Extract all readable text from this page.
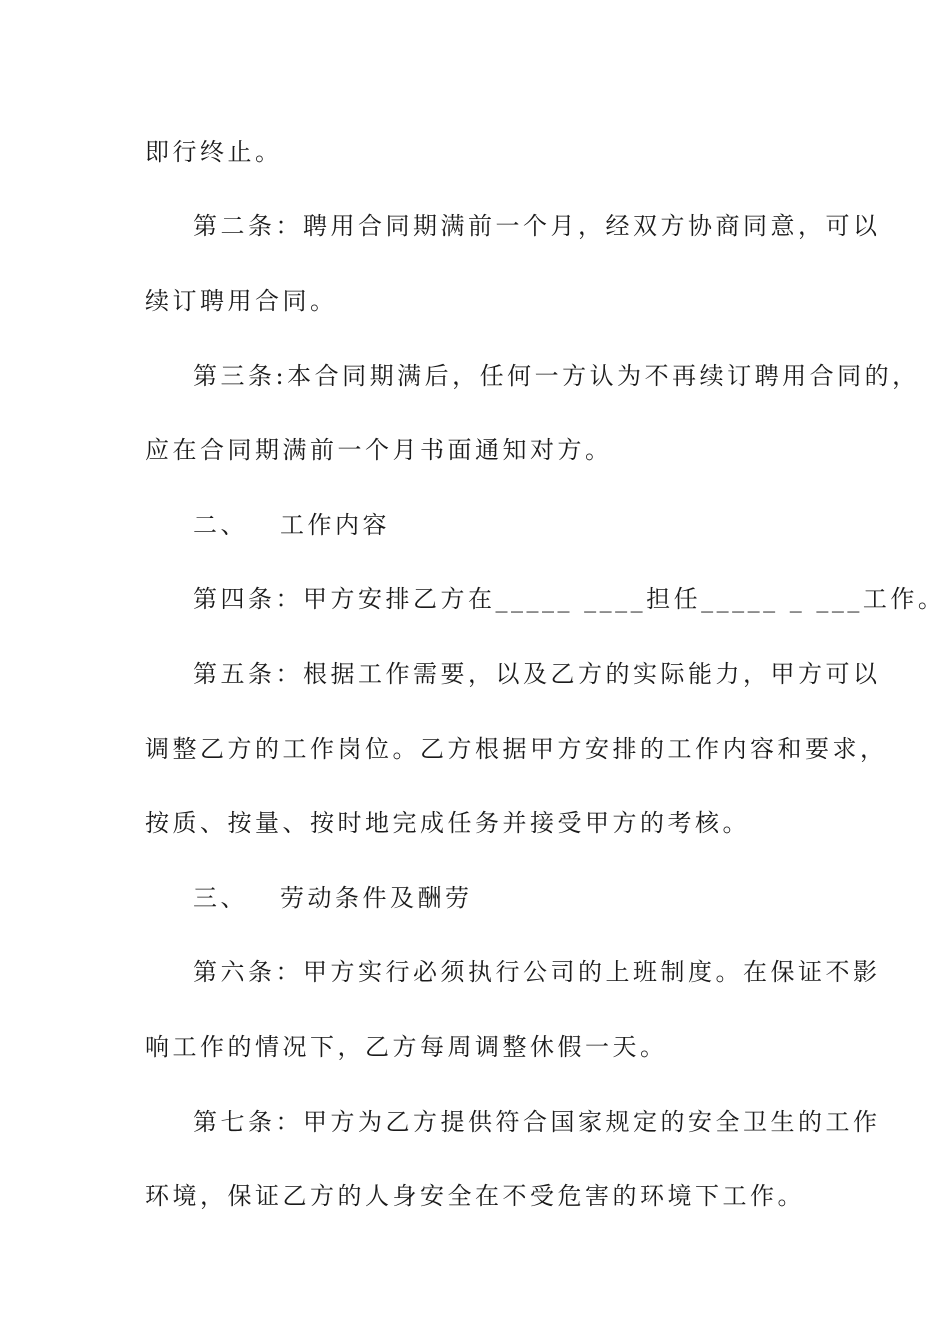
即行终止。

第二条：聘用合同期满前一个月，经双方协商同意，可以

续订聘用合同。

第三条:本合同期满后，任何一方认为不再续订聘用合同的，

应在合同期满前一个月书面通知对方。

二、 工作内容

第四条：甲方安排乙方在_____ ____担任_____ _ ___工作。

第五条：根据工作需要，以及乙方的实际能力，甲方可以

调整乙方的工作岗位。乙方根据甲方安排的工作内容和要求，

按质、按量、按时地完成任务并接受甲方的考核。

三、 劳动条件及酬劳

第六条：甲方实行必须执行公司的上班制度。在保证不影

响工作的情况下，乙方每周调整休假一天。

第七条：甲方为乙方提供符合国家规定的安全卫生的工作

环境，保证乙方的人身安全在不受危害的环境下工作。
